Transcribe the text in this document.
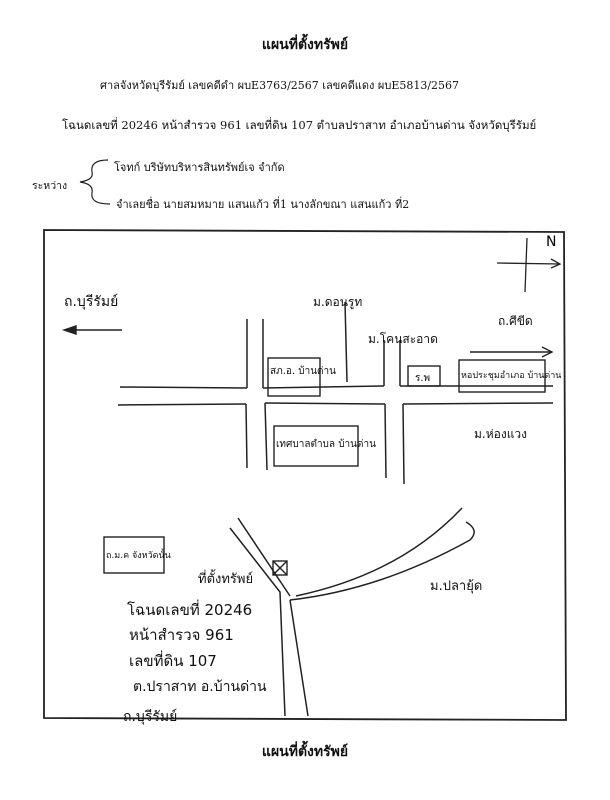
แผนที่ตั้งทรัพย์
ศาลจังหวัดบุรีรัมย์ เลขคดีดำ ผบE3763/2567 เลขคดีแดง ผบE5813/2567
โฉนดเลขที่ 20246 หน้าสำรวจ 961 เลขที่ดิน 107 ตำบลปราสาท อำเภอบ้านด่าน จังหวัดบุรีรัมย์
ระหว่าง
โจทก์ บริษัทบริหารสินทรัพย์เจ จำกัด
จำเลยชื่อ นายสมหมาย แสนแก้ว ที่1 นางลักขณา แสนแก้ว ที่2
ถ.บุรีรัมย์	ม.ดอนรูท
ม.โคนสะอาด
ถ.ศีขีด
สภ.อ. บ้านด่าน
ร.พ	หอประชุมอำเภอ บ้านด่าน
เทศบาลตำบล บ้านด่าน
ม.ห่องแวง
ถ.ม.ค จังหวัดนั้น
ที่ตั้งทรัพย์	ม.ปลายุ้ด
โฉนดเลขที่ 20246
หน้าสำรวจ 961
เลขที่ดิน 107
ต.ปราสาท อ.บ้านด่าน
ถ.บุรีรัมย์
แผนที่ตั้งทรัพย์
N
